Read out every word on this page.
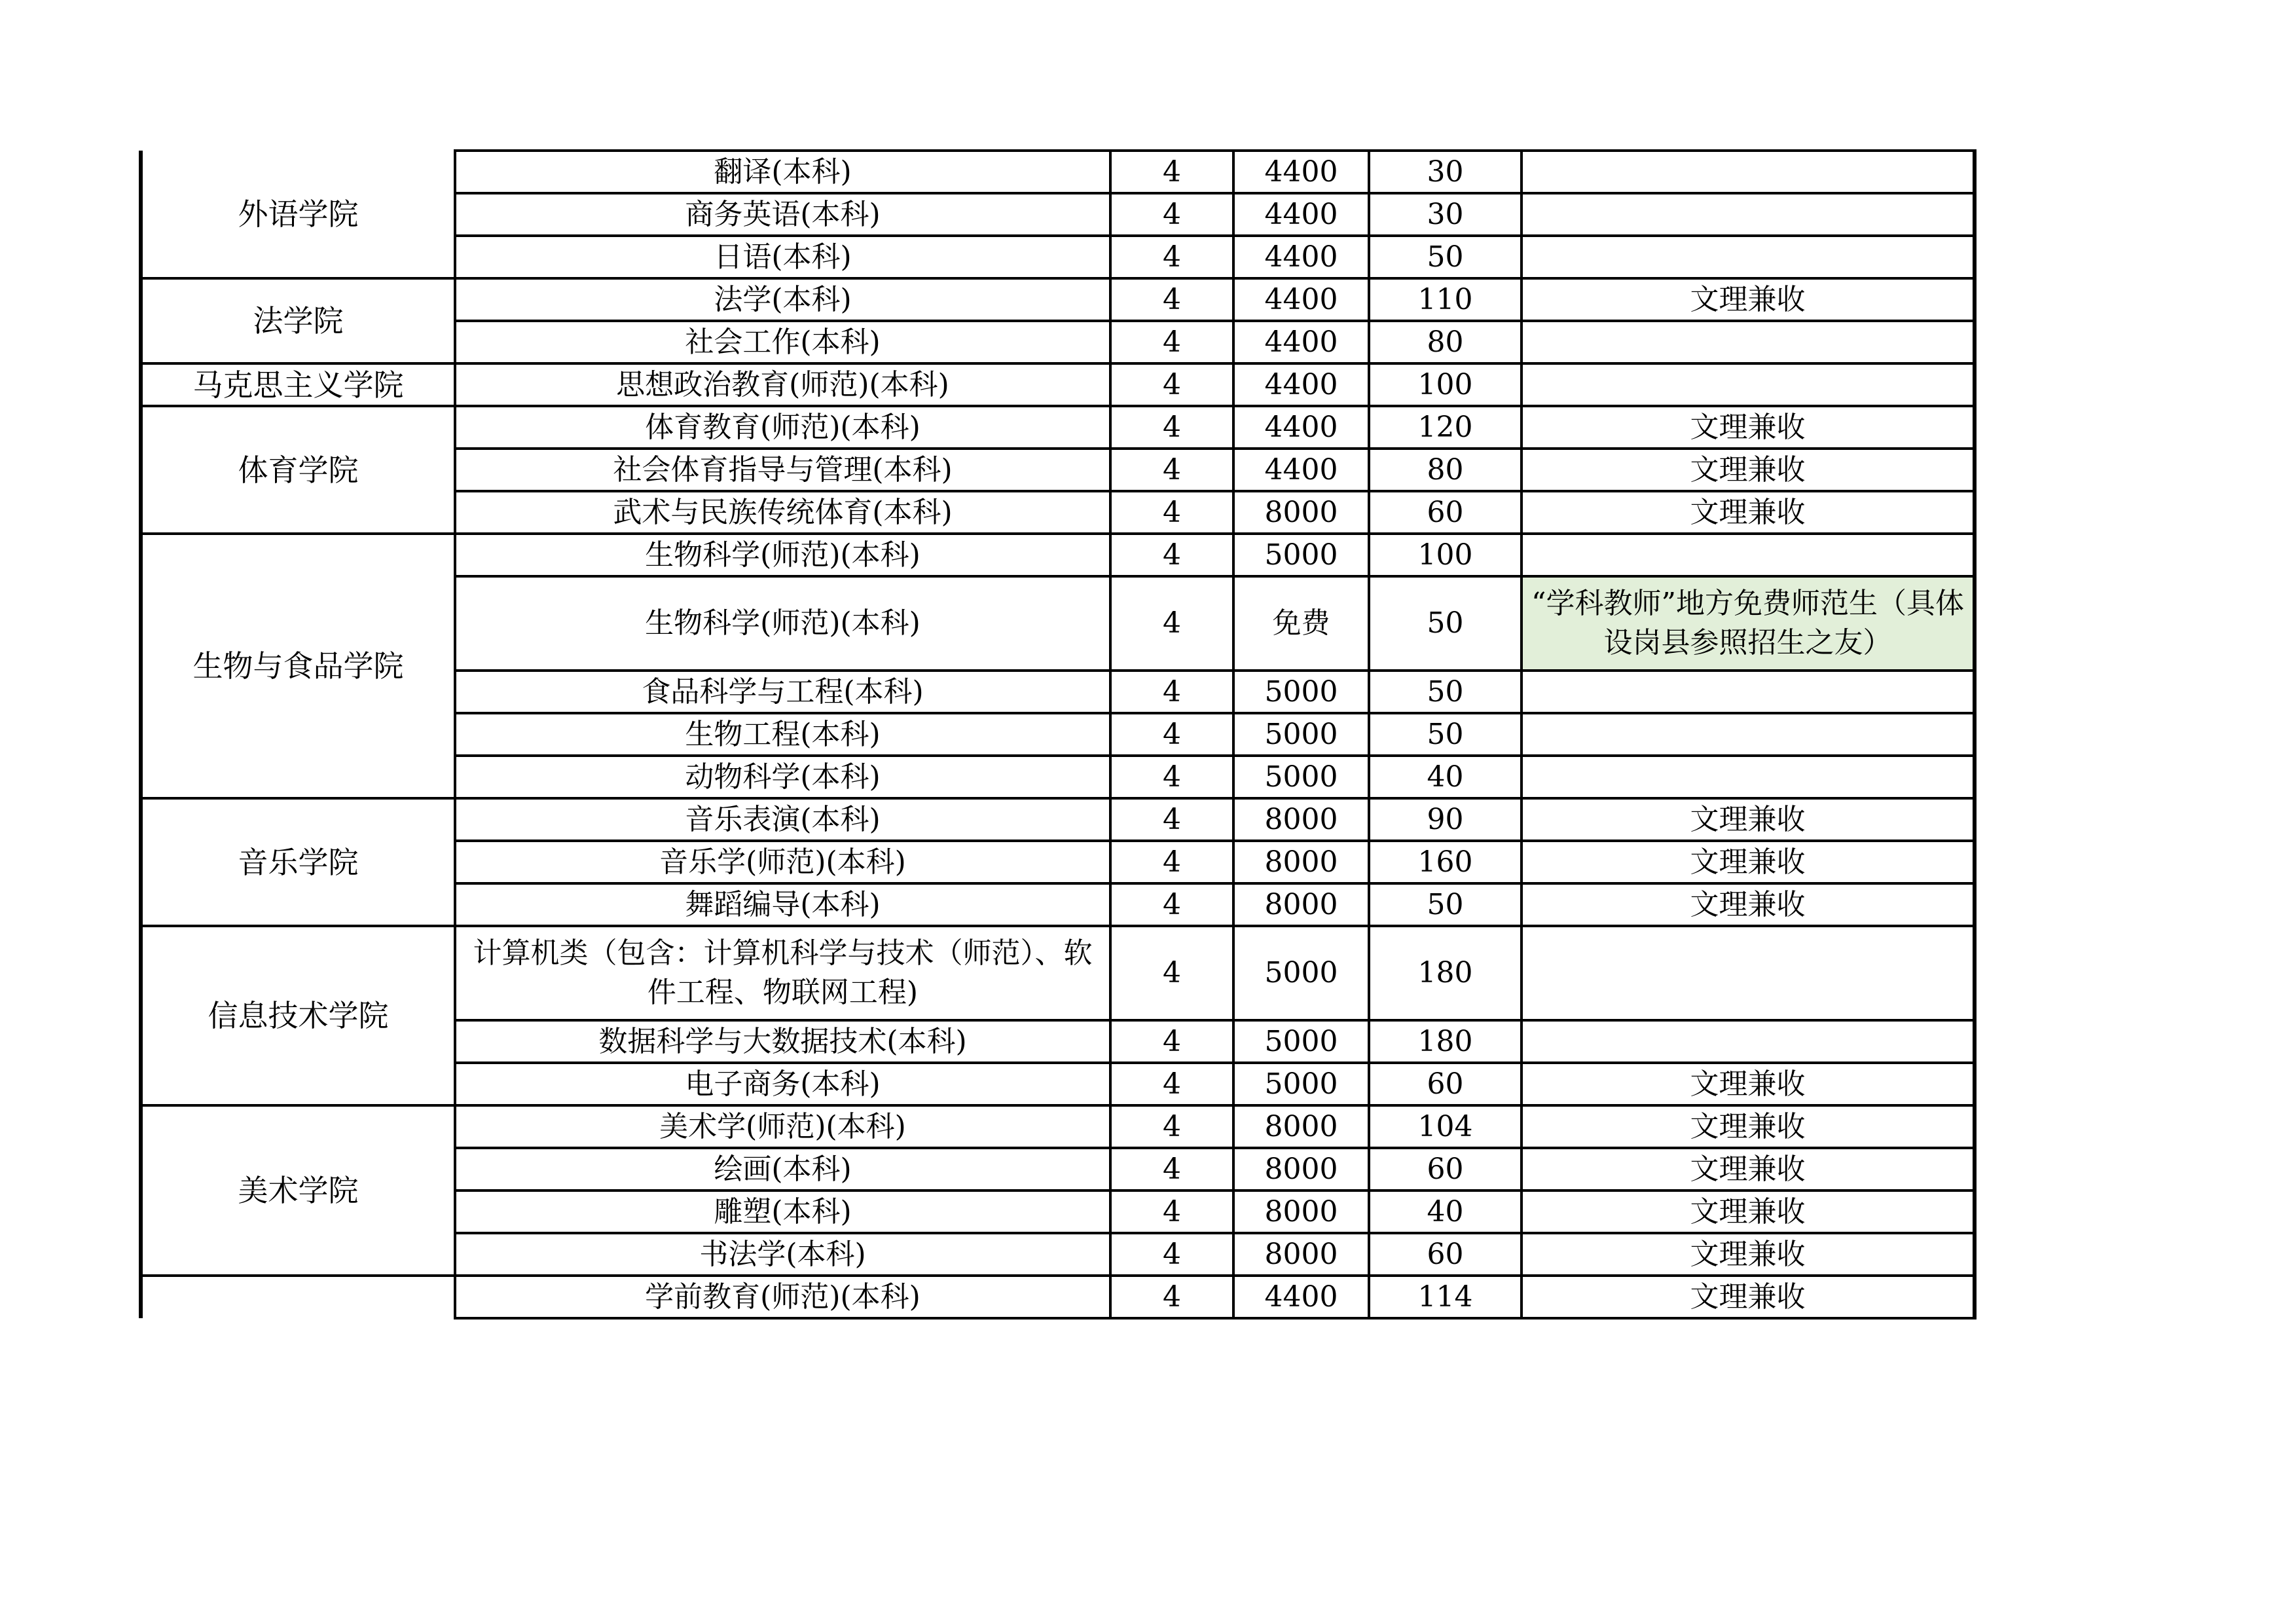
外语学院	翻译(本科)	4	4400	30	
	商务英语(本科)	4	4400	30	
	日语(本科)	4	4400	50	
法学院	法学(本科)	4	4400	110	文理兼收
	社会工作(本科)	4	4400	80	
马克思主义学院	思想政治教育(师范)(本科)	4	4400	100	
体育学院	体育教育(师范)(本科)	4	4400	120	文理兼收
	社会体育指导与管理(本科)	4	4400	80	文理兼收
	武术与民族传统体育(本科)	4	8000	60	文理兼收
生物与食品学院	生物科学(师范)(本科)	4	5000	100	
	生物科学(师范)(本科)	4	免费	50	“学科教师”地方免费师范生（具体设岗县参照招生之友）
	食品科学与工程(本科)	4	5000	50	
	生物工程(本科)	4	5000	50	
	动物科学(本科)	4	5000	40	
音乐学院	音乐表演(本科)	4	8000	90	文理兼收
	音乐学(师范)(本科)	4	8000	160	文理兼收
	舞蹈编导(本科)	4	8000	50	文理兼收
信息技术学院	计算机类（包含：计算机科学与技术（师范）、软件工程、物联网工程)	4	5000	180	
	数据科学与大数据技术(本科)	4	5000	180	
	电子商务(本科)	4	5000	60	文理兼收
美术学院	美术学(师范)(本科)	4	8000	104	文理兼收
	绘画(本科)	4	8000	60	文理兼收
	雕塑(本科)	4	8000	40	文理兼收
	书法学(本科)	4	8000	60	文理兼收
	学前教育(师范)(本科)	4	4400	114	文理兼收
